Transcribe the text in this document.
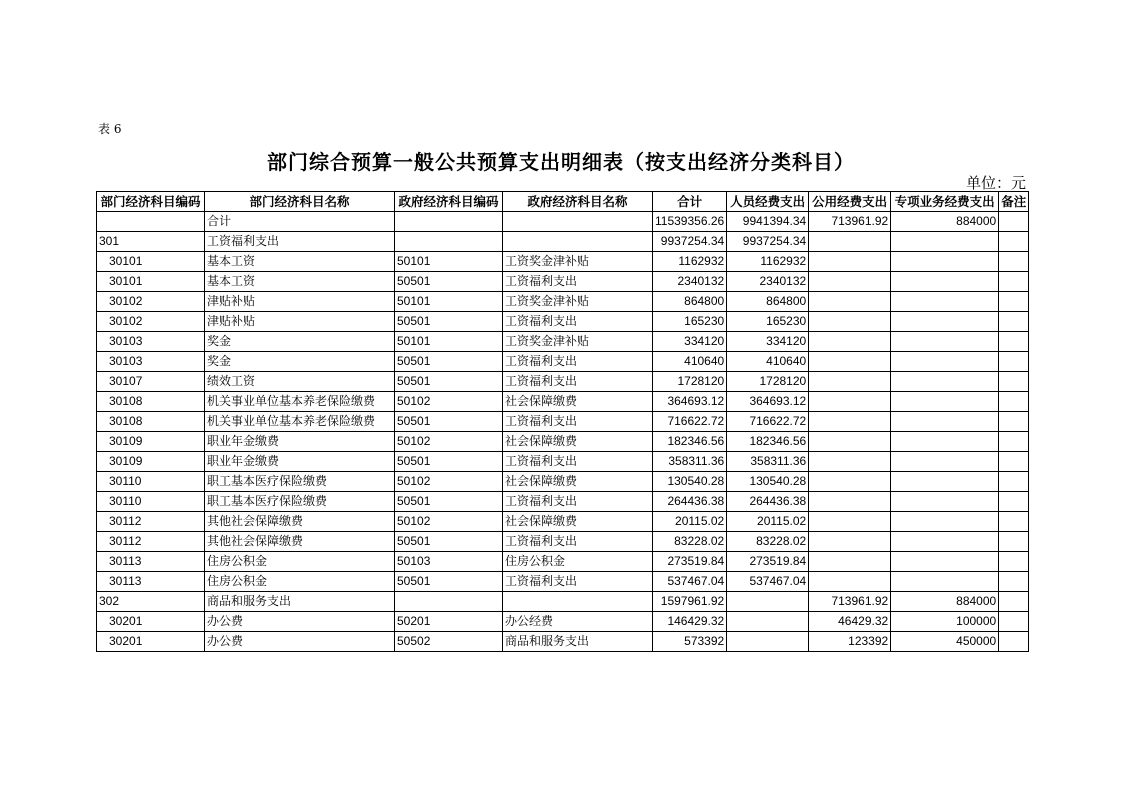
表 6
部门综合预算一般公共预算支出明细表（按支出经济分类科目）
单位：元
部门经济科目编码	部门经济科目名称	政府经济科目编码	政府经济科目名称	合计	人员经费支出	公用经费支出	专项业务经费支出	备注
	合计			11539356.26	9941394.34	713961.92	884000	
301	工资福利支出			9937254.34	9937254.34			
30101	基本工资	50101	工资奖金津补贴	1162932	1162932			
30101	基本工资	50501	工资福利支出	2340132	2340132			
30102	津贴补贴	50101	工资奖金津补贴	864800	864800			
30102	津贴补贴	50501	工资福利支出	165230	165230			
30103	奖金	50101	工资奖金津补贴	334120	334120			
30103	奖金	50501	工资福利支出	410640	410640			
30107	绩效工资	50501	工资福利支出	1728120	1728120			
30108	机关事业单位基本养老保险缴费	50102	社会保障缴费	364693.12	364693.12			
30108	机关事业单位基本养老保险缴费	50501	工资福利支出	716622.72	716622.72			
30109	职业年金缴费	50102	社会保障缴费	182346.56	182346.56			
30109	职业年金缴费	50501	工资福利支出	358311.36	358311.36			
30110	职工基本医疗保险缴费	50102	社会保障缴费	130540.28	130540.28			
30110	职工基本医疗保险缴费	50501	工资福利支出	264436.38	264436.38			
30112	其他社会保障缴费	50102	社会保障缴费	20115.02	20115.02			
30112	其他社会保障缴费	50501	工资福利支出	83228.02	83228.02			
30113	住房公积金	50103	住房公积金	273519.84	273519.84			
30113	住房公积金	50501	工资福利支出	537467.04	537467.04			
302	商品和服务支出			1597961.92		713961.92	884000	
30201	办公费	50201	办公经费	146429.32		46429.32	100000	
30201	办公费	50502	商品和服务支出	573392		123392	450000	
